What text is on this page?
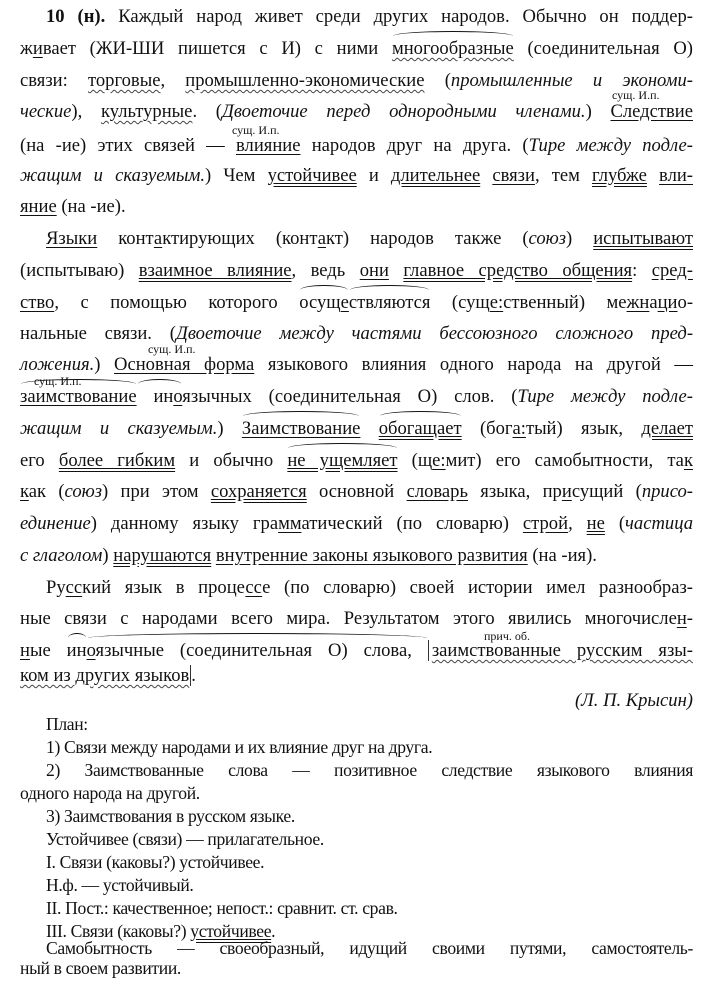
10 (н). Каждый народ живет среди других народов. Обычно он поддер-
живает (ЖИ-ШИ пишется с И) с ними многообразные (соединительная О)
связи: торговые, промышленно-экономические (промышленные и экономи-
сущ. И.п.
ческие), культурные. (Двоеточие перед однородными членами.) Следствие
сущ. И.п.
(на -ие) этих связей — влияние народов друг на друга. (Тире между подле-
жащим и сказуемым.) Чем устойчивее и длительнее связи, тем глубже вли-
яние (на -ие).
Языки контактирующих (контакт) народов также (союз) испытывают
(испытываю) взаимное влияние, ведь они главное средство общения: сред-
ство, с помощью которого осуществляются (суще:ственный) межнацио-
нальные связи. (Двоеточие между частями бессоюзного сложного пред-
сущ. И.п.
ложения.) Основная форма языкового влияния одного народа на другой —
сущ. И.п.
заимствование иноязычных (соединительная О) слов. (Тире между подле-
жащим и сказуемым.) Заимствование обогащает (бога:тый) язык, делает
его более гибким и обычно не ущемляет (ще:мит) его самобытности, так
как (союз) при этом сохраняется основной словарь языка, присущий (присо-
единение) данному языку грамматический (по словарю) строй, не (частица
с глаголом) нарушаются внутренние законы языкового развития (на -ия).
Русский язык в процессе (по словарю) своей истории имел разнообраз-
ные связи с народами всего мира. Результатом этого явились многочислен-
прич. об.
ные иноязычные (соединительная О) слова, заимствованные русским язы-
ком из других языков .
(Л. П. Крысин)
План:
1) Связи между народами и их влияние друг на друга.
2) Заимствованные слова — позитивное следствие языкового влияния
одного народа на другой.
3) Заимствования в русском языке.
Устойчивее (связи) — прилагательное.
I. Связи (каковы?) устойчивее.
Н.ф. — устойчивый.
II. Пост.: качественное; непост.: сравнит. ст. срав.
III. Связи (каковы?) устойчивее.
Самобытность — своеобразный, идущий своими путями, самостоятель-
ный в своем развитии.
